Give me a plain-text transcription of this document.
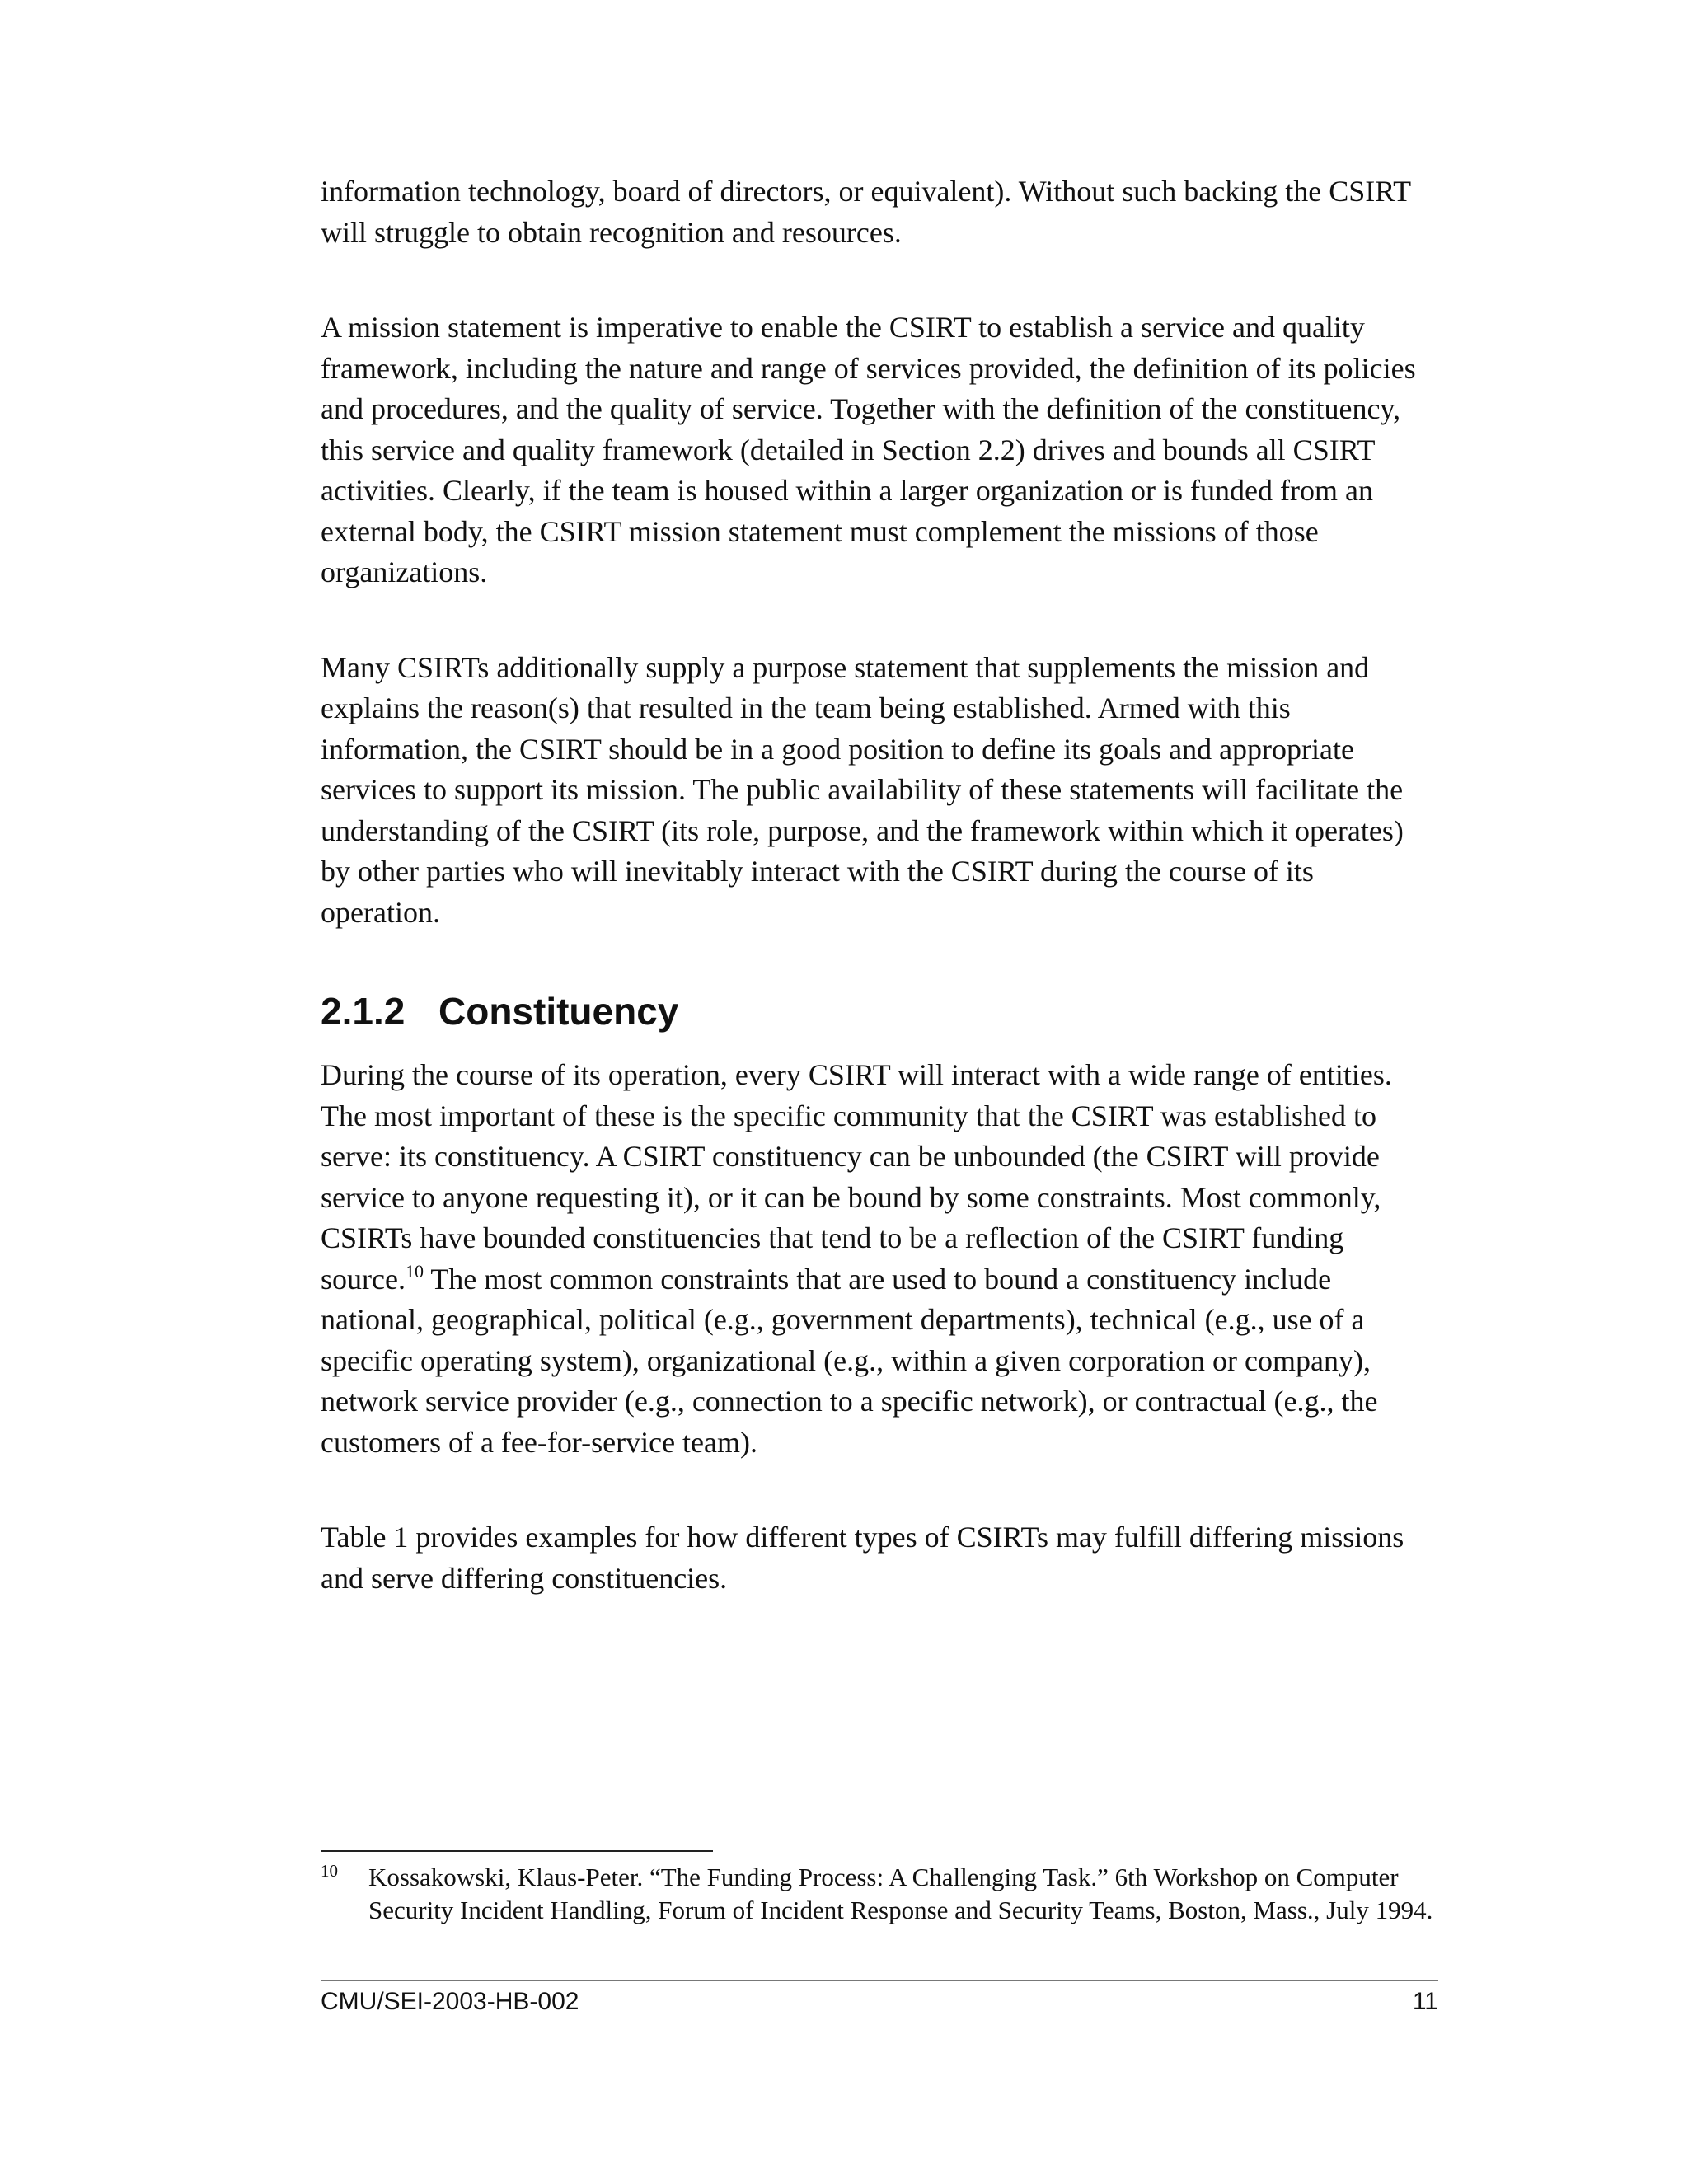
information technology, board of directors, or equivalent). Without such backing the CSIRT will struggle to obtain recognition and resources.

A mission statement is imperative to enable the CSIRT to establish a service and quality framework, including the nature and range of services provided, the definition of its policies and procedures, and the quality of service. Together with the definition of the constituency, this service and quality framework (detailed in Section 2.2) drives and bounds all CSIRT activities. Clearly, if the team is housed within a larger organization or is funded from an external body, the CSIRT mission statement must complement the missions of those organizations.

Many CSIRTs additionally supply a purpose statement that supplements the mission and explains the reason(s) that resulted in the team being established. Armed with this information, the CSIRT should be in a good position to define its goals and appropriate services to support its mission. The public availability of these statements will facilitate the understanding of the CSIRT (its role, purpose, and the framework within which it operates) by other parties who will inevitably interact with the CSIRT during the course of its operation.

2.1.2 Constituency

During the course of its operation, every CSIRT will interact with a wide range of entities. The most important of these is the specific community that the CSIRT was established to serve: its constituency. A CSIRT constituency can be unbounded (the CSIRT will provide service to anyone requesting it), or it can be bound by some constraints. Most commonly, CSIRTs have bounded constituencies that tend to be a reflection of the CSIRT funding source.$^{10}$ The most common constraints that are used to bound a constituency include national, geographical, political (e.g., government departments), technical (e.g., use of a specific operating system), organizational (e.g., within a given corporation or company), network service provider (e.g., connection to a specific network), or contractual (e.g., the customers of a fee-for-service team).

Table 1 provides examples for how different types of CSIRTs may fulfill differing missions and serve differing constituencies.

10	Kossakowski, Klaus-Peter. “The Funding Process: A Challenging Task.” 6th Workshop on Computer Security Incident Handling, Forum of Incident Response and Security Teams, Boston, Mass., July 1994.
CMU/SEI-2003-HB-002	11
